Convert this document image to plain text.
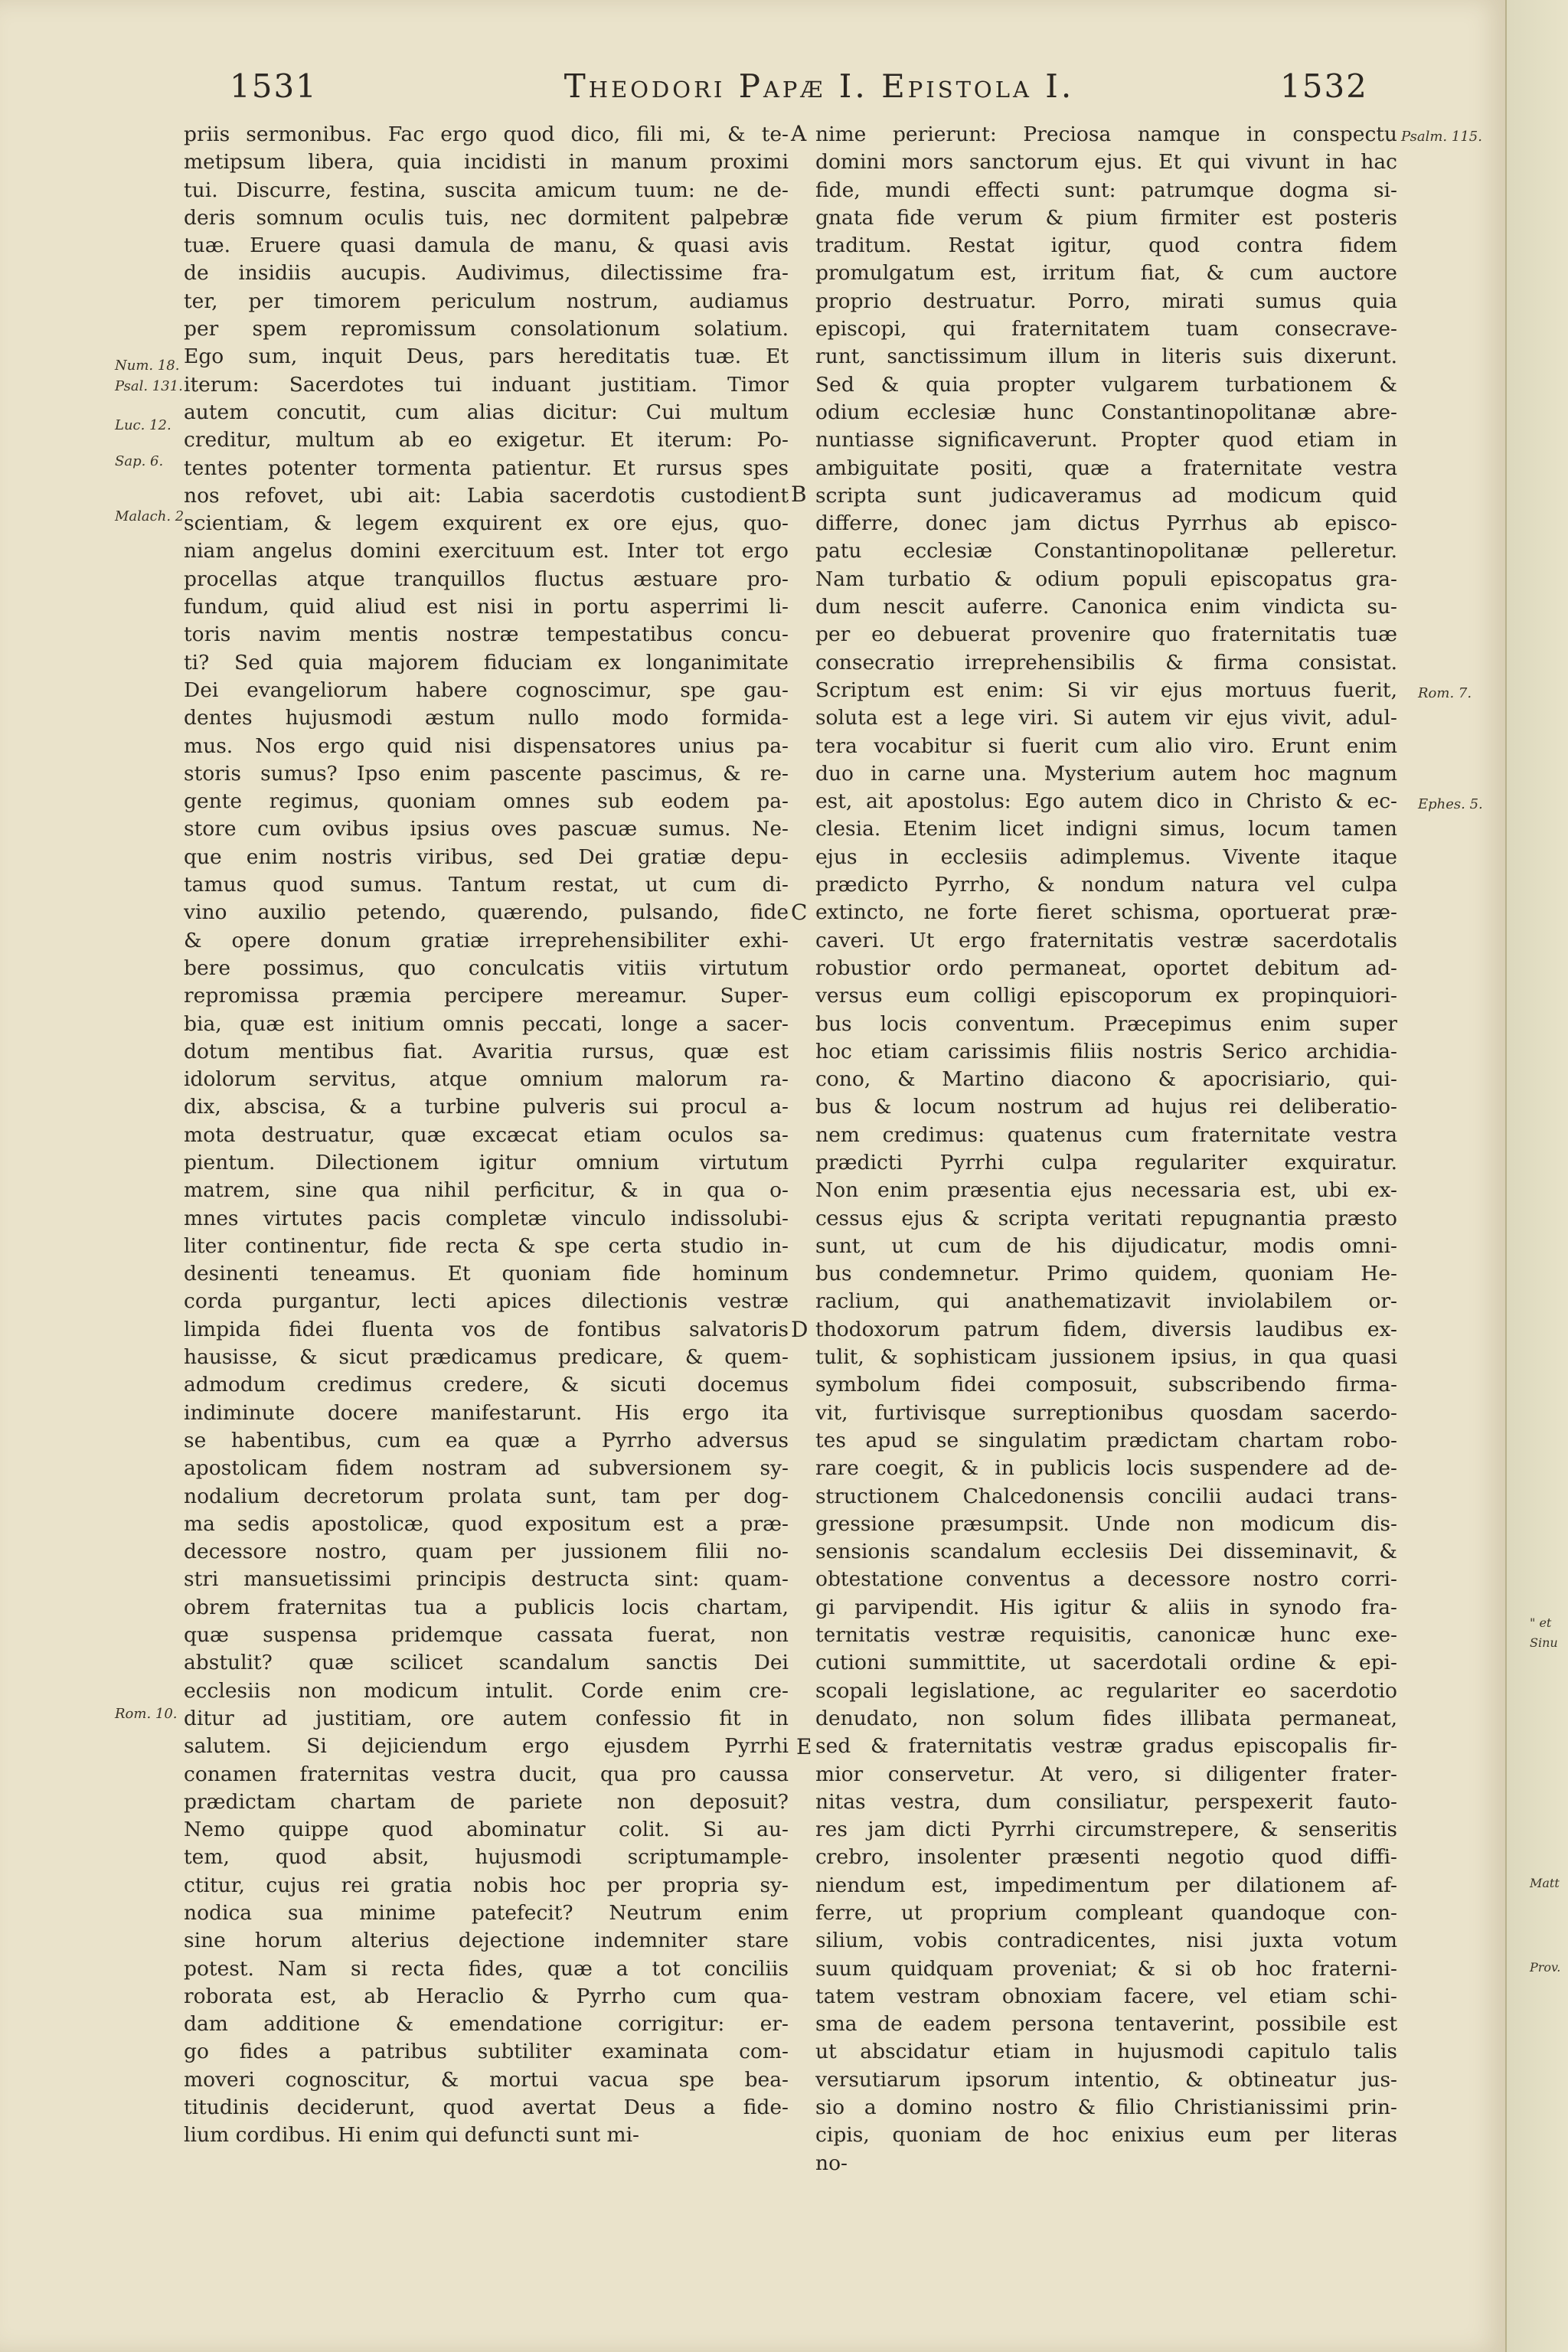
1531	Theodori Papæ I. Epistola I.	1532
priis sermonibus. Fac ergo quod dico, fili mi, & te-
metipsum libera, quia incidisti in manum proximi
tui. Discurre, festina, suscita amicum tuum: ne de-
deris somnum oculis tuis, nec dormitent palpebræ
tuæ. Eruere quasi damula de manu, & quasi avis
de insidiis aucupis. Audivimus, dilectissime fra-
ter, per timorem periculum nostrum, audiamus
per spem repromissum consolationum solatium.
Ego sum, inquit Deus, pars hereditatis tuæ. Et
iterum: Sacerdotes tui induant justitiam. Timor
autem concutit, cum alias dicitur: Cui multum
creditur, multum ab eo exigetur. Et iterum: Po-
tentes potenter tormenta patientur. Et rursus spes
nos refovet, ubi ait: Labia sacerdotis custodient
scientiam, & legem exquirent ex ore ejus, quo-
niam angelus domini exercituum est. Inter tot ergo
procellas atque tranquillos fluctus æstuare pro-
fundum, quid aliud est nisi in portu asperrimi li-
toris navim mentis nostræ tempestatibus concu-
ti? Sed quia majorem fiduciam ex longanimitate
Dei evangeliorum habere cognoscimur, spe gau-
dentes hujusmodi æstum nullo modo formida-
mus. Nos ergo quid nisi dispensatores unius pa-
storis sumus? Ipso enim pascente pascimus, & re-
gente regimus, quoniam omnes sub eodem pa-
store cum ovibus ipsius oves pascuæ sumus. Ne-
que enim nostris viribus, sed Dei gratiæ depu-
tamus quod sumus. Tantum restat, ut cum di-
vino auxilio petendo, quærendo, pulsando, fide
& opere donum gratiæ irreprehensibiliter exhi-
bere possimus, quo conculcatis vitiis virtutum
repromissa præmia percipere mereamur. Super-
bia, quæ est initium omnis peccati, longe a sacer-
dotum mentibus fiat. Avaritia rursus, quæ est
idolorum servitus, atque omnium malorum ra-
dix, abscisa, & a turbine pulveris sui procul a-
mota destruatur, quæ excæcat etiam oculos sa-
pientum. Dilectionem igitur omnium virtutum
matrem, sine qua nihil perficitur, & in qua o-
mnes virtutes pacis completæ vinculo indissolubi-
liter continentur, fide recta & spe certa studio in-
desinenti teneamus. Et quoniam fide hominum
corda purgantur, lecti apices dilectionis vestræ
limpida fidei fluenta vos de fontibus salvatoris
hausisse, & sicut prædicamus predicare, & quem-
admodum credimus credere, & sicuti docemus
indiminute docere manifestarunt. His ergo ita
se habentibus, cum ea quæ a Pyrrho adversus
apostolicam fidem nostram ad subversionem sy-
nodalium decretorum prolata sunt, tam per dog-
ma sedis apostolicæ, quod expositum est a præ-
decessore nostro, quam per jussionem filii no-
stri mansuetissimi principis destructa sint: quam-
obrem fraternitas tua a publicis locis chartam,
quæ suspensa pridemque cassata fuerat, non
abstulit? quæ scilicet scandalum sanctis Dei
ecclesiis non modicum intulit. Corde enim cre-
ditur ad justitiam, ore autem confessio fit in
salutem. Si dejiciendum ergo ejusdem Pyrrhi
conamen fraternitas vestra ducit, qua pro caussa
prædictam chartam de pariete non deposuit?
Nemo quippe quod abominatur colit. Si au-
tem, quod absit, hujusmodi scriptumample-
ctitur, cujus rei gratia nobis hoc per propria sy-
nodica sua minime patefecit? Neutrum enim
sine horum alterius dejectione indemniter stare
potest. Nam si recta fides, quæ a tot conciliis
roborata est, ab Heraclio & Pyrrho cum qua-
dam additione & emendatione corrigitur: er-
go fides a patribus subtiliter examinata com-
moveri cognoscitur, & mortui vacua spe bea-
titudinis deciderunt, quod avertat Deus a fide-
lium cordibus. Hi enim qui defuncti sunt mi-
nime perierunt: Preciosa namque in conspectu
domini mors sanctorum ejus. Et qui vivunt in hac
fide, mundi effecti sunt: patrumque dogma si-
gnata fide verum & pium firmiter est posteris
traditum. Restat igitur, quod contra fidem
promulgatum est, irritum fiat, & cum auctore
proprio destruatur. Porro, mirati sumus quia
episcopi, qui fraternitatem tuam consecrave-
runt, sanctissimum illum in literis suis dixerunt.
Sed & quia propter vulgarem turbationem &
odium ecclesiæ hunc Constantinopolitanæ abre-
nuntiasse significaverunt. Propter quod etiam in
ambiguitate positi, quæ a fraternitate vestra
scripta sunt judicaveramus ad modicum quid
differre, donec jam dictus Pyrrhus ab episco-
patu ecclesiæ Constantinopolitanæ pelleretur.
Nam turbatio & odium populi episcopatus gra-
dum nescit auferre. Canonica enim vindicta su-
per eo debuerat provenire quo fraternitatis tuæ
consecratio irreprehensibilis & firma consistat.
Scriptum est enim: Si vir ejus mortuus fuerit,
soluta est a lege viri. Si autem vir ejus vivit, adul-
tera vocabitur si fuerit cum alio viro. Erunt enim
duo in carne una. Mysterium autem hoc magnum
est, ait apostolus: Ego autem dico in Christo & ec-
clesia. Etenim licet indigni simus, locum tamen
ejus in ecclesiis adimplemus. Vivente itaque
prædicto Pyrrho, & nondum natura vel culpa
extincto, ne forte fieret schisma, oportuerat præ-
caveri. Ut ergo fraternitatis vestræ sacerdotalis
robustior ordo permaneat, oportet debitum ad-
versus eum colligi episcoporum ex propinquiori-
bus locis conventum. Præcepimus enim super
hoc etiam carissimis filiis nostris Serico archidia-
cono, & Martino diacono & apocrisiario, qui-
bus & locum nostrum ad hujus rei deliberatio-
nem credimus: quatenus cum fraternitate vestra
prædicti Pyrrhi culpa regulariter exquiratur.
Non enim præsentia ejus necessaria est, ubi ex-
cessus ejus & scripta veritati repugnantia præsto
sunt, ut cum de his dijudicatur, modis omni-
bus condemnetur. Primo quidem, quoniam He-
raclium, qui anathematizavit inviolabilem or-
thodoxorum patrum fidem, diversis laudibus ex-
tulit, & sophisticam jussionem ipsius, in qua quasi
symbolum fidei composuit, subscribendo firma-
vit, furtivisque surreptionibus quosdam sacerdo-
tes apud se singulatim prædictam chartam robo-
rare coegit, & in publicis locis suspendere ad de-
structionem Chalcedonensis concilii audaci trans-
gressione præsumpsit. Unde non modicum dis-
sensionis scandalum ecclesiis Dei disseminavit, &
obtestatione conventus a decessore nostro corri-
gi parvipendit. His igitur & aliis in synodo fra-
ternitatis vestræ requisitis, canonicæ hunc exe-
cutioni summittite, ut sacerdotali ordine & epi-
scopali legislatione, ac regulariter eo sacerdotio
denudato, non solum fides illibata permaneat,
sed & fraternitatis vestræ gradus episcopalis fir-
mior conservetur. At vero, si diligenter frater-
nitas vestra, dum consiliatur, perspexerit fauto-
res jam dicti Pyrrhi circumstrepere, & senseritis
crebro, insolenter præsenti negotio quod diffi-
niendum est, impedimentum per dilationem af-
ferre, ut proprium compleant quandoque con-
silium, vobis contradicentes, nisi juxta votum
suum quidquam proveniat; & si ob hoc fraterni-
tatem vestram obnoxiam facere, vel etiam schi-
sma de eadem persona tentaverint, possibile est
ut abscidatur etiam in hujusmodi capitulo talis
versutiarum ipsorum intentio, & obtineatur jus-
sio a domino nostro & filio Christianissimi prin-
cipis, quoniam de hoc enixius eum per literas
no-
A
B
C
D
E
Num. 18.
Psal. 131.
Luc. 12.
Sap. 6.
Malach. 2.
Rom. 10.
Psalm. 115.
Rom. 7.
Ephes. 5.
" et
Sinu
Matt
Prov.
